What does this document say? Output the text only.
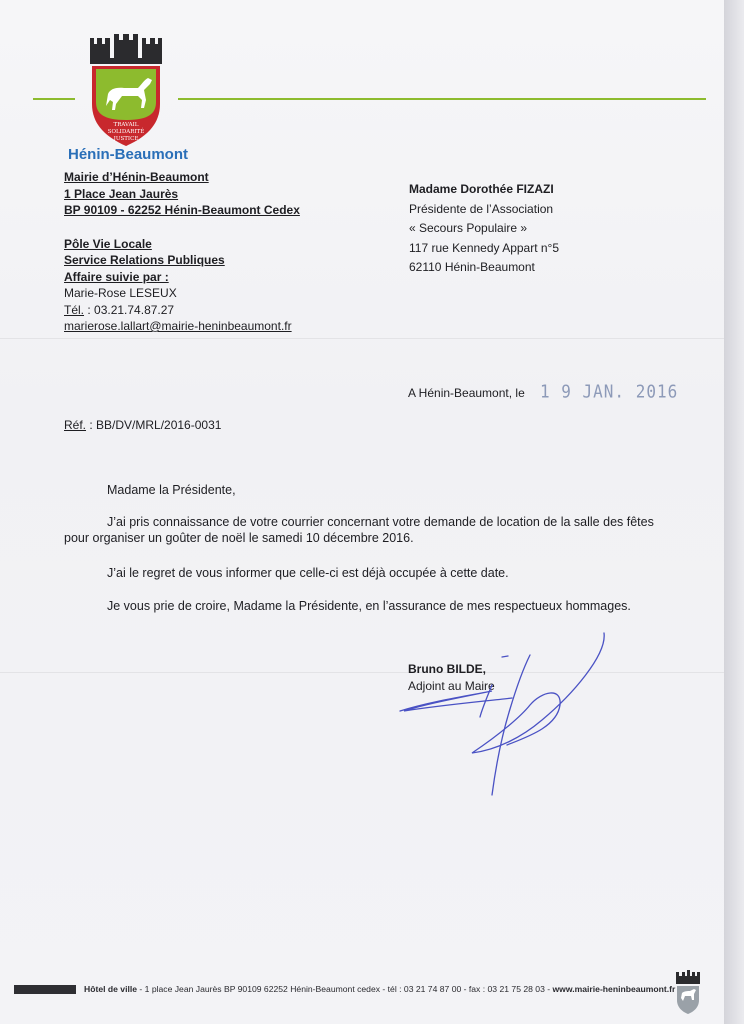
TRAVAIL
SOLIDARITÉ
JUSTICE
Hénin-Beaumont
Mairie d’Hénin-Beaumont
1 Place Jean Jaurès
BP 90109 - 62252 Hénin-Beaumont Cedex
Pôle Vie Locale
Service Relations Publiques
Affaire suivie par :
Marie-Rose LESEUX
Tél. : 03.21.74.87.27
marierose.lallart@mairie-heninbeaumont.fr
Madame Dorothée FIZAZI
Présidente de l’Association
« Secours Populaire »
117 rue Kennedy Appart n°5
62110 Hénin-Beaumont
A Hénin-Beaumont, le 1 9 JAN. 2016
Réf. : BB/DV/MRL/2016-0031
Madame la Présidente,
J’ai pris connaissance de votre courrier concernant votre demande de location de la salle des fêtes pour organiser un goûter de noël le samedi 10 décembre 2016.
J’ai le regret de vous informer que celle-ci est déjà occupée à cette date.
Je vous prie de croire, Madame la Présidente, en l’assurance de mes respectueux hommages.
Bruno BILDE,
Adjoint au Maire
Hôtel de ville - 1 place Jean Jaurès BP 90109 62252 Hénin-Beaumont cedex - tél : 03 21 74 87 00 - fax : 03 21 75 28 03 - www.mairie-heninbeaumont.fr
